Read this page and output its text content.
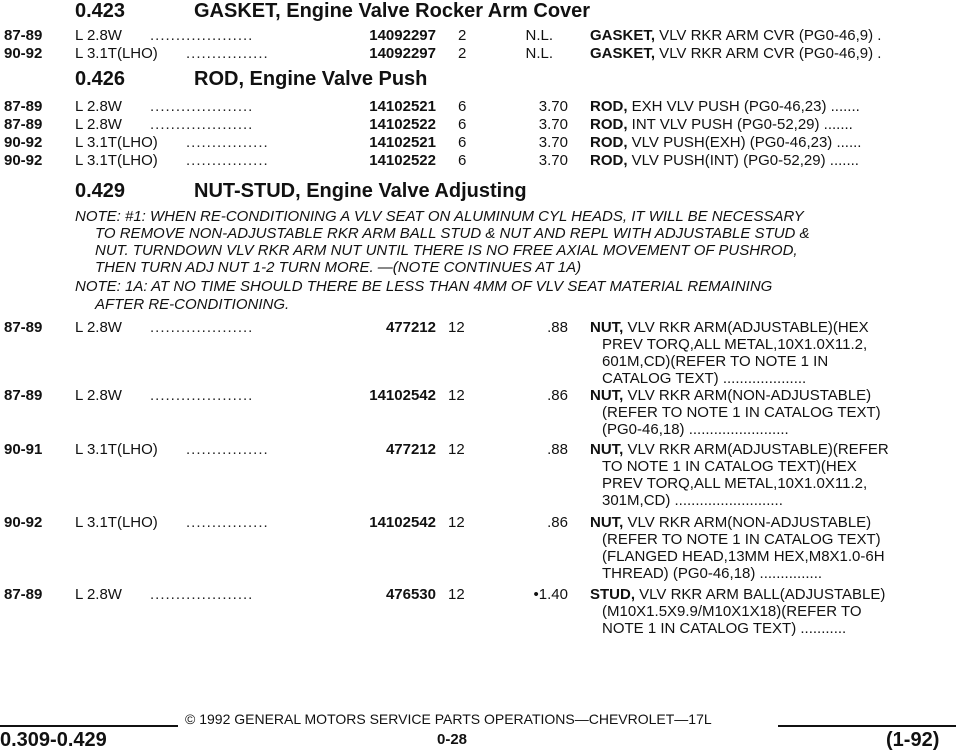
0.423	GASKET, Engine Valve Rocker Arm Cover
87-89 L 2.8W ....................	14092297 2	N.L. GASKET, VLV RKR ARM CVR (PG0-46,9) .
90-92 L 3.1T(LHO) ................	14092297 2	N.L. GASKET, VLV RKR ARM CVR (PG0-46,9) .
0.426	ROD, Engine Valve Push
87-89 L 2.8W ....................	14102521 6	3.70 ROD, EXH VLV PUSH (PG0-46,23) .......
87-89 L 2.8W ....................	14102522 6	3.70 ROD, INT VLV PUSH (PG0-52,29) .......
90-92 L 3.1T(LHO) ................	14102521 6	3.70 ROD, VLV PUSH(EXH) (PG0-46,23) ......
90-92 L 3.1T(LHO) ................	14102522 6	3.70 ROD, VLV PUSH(INT) (PG0-52,29) .......
0.429	NUT-STUD, Engine Valve Adjusting
NOTE: #1: WHEN RE-CONDITIONING A VLV SEAT ON ALUMINUM CYL HEADS, IT WILL BE NECESSARY
TO REMOVE NON-ADJUSTABLE RKR ARM BALL STUD & NUT AND REPL WITH ADJUSTABLE STUD &
NUT. TURNDOWN VLV RKR ARM NUT UNTIL THERE IS NO FREE AXIAL MOVEMENT OF PUSHROD,
THEN TURN ADJ NUT 1-2 TURN MORE. —(NOTE CONTINUES AT 1A)
NOTE: 1A: AT NO TIME SHOULD THERE BE LESS THAN 4MM OF VLV SEAT MATERIAL REMAINING
AFTER RE-CONDITIONING.
87-89 L 2.8W ....................	477212 12	.88 NUT, VLV RKR ARM(ADJUSTABLE)(HEX
PREV TORQ,ALL METAL,10X1.0X11.2,
601M,CD)(REFER TO NOTE 1 IN
CATALOG TEXT) ....................
87-89 L 2.8W ....................	14102542 12	.86 NUT, VLV RKR ARM(NON-ADJUSTABLE)
(REFER TO NOTE 1 IN CATALOG TEXT)
(PG0-46,18) ........................
90-91 L 3.1T(LHO) ................	477212 12	.88 NUT, VLV RKR ARM(ADJUSTABLE)(REFER
TO NOTE 1 IN CATALOG TEXT)(HEX
PREV TORQ,ALL METAL,10X1.0X11.2,
301M,CD) ..........................
90-92 L 3.1T(LHO) ................	14102542 12	.86 NUT, VLV RKR ARM(NON-ADJUSTABLE)
(REFER TO NOTE 1 IN CATALOG TEXT)
(FLANGED HEAD,13MM HEX,M8X1.0-6H
THREAD) (PG0-46,18) ...............
87-89 L 2.8W ....................	476530 12	•1.40 STUD, VLV RKR ARM BALL(ADJUSTABLE)
(M10X1.5X9.9/M10X1X18)(REFER TO
NOTE 1 IN CATALOG TEXT) ...........
© 1992 GENERAL MOTORS SERVICE PARTS OPERATIONS—CHEVROLET—17L
0.309-0.429	0-28	(1-92)
